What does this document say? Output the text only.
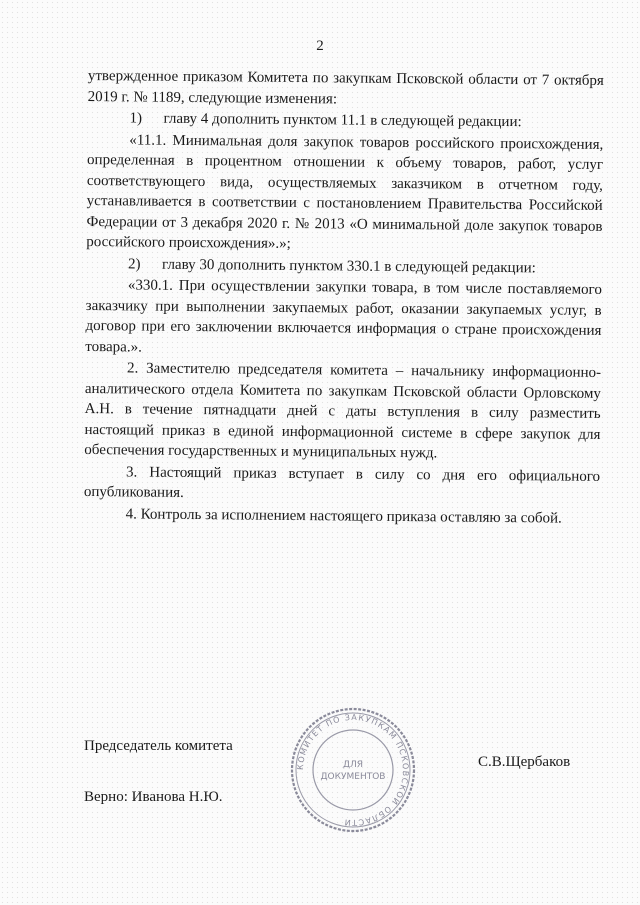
2

утвержденное приказом Комитета по закупкам Псковской области от 7 октября 2019 г. № 1189, следующие изменения:

1) главу 4 дополнить пунктом 11.1 в следующей редакции:

«11.1. Минимальная доля закупок товаров российского происхождения, определенная в процентном отношении к объему товаров, работ, услуг соответствующего вида, осуществляемых заказчиком в отчетном году, устанавливается в соответствии с постановлением Правительства Российской Федерации от 3 декабря 2020 г. № 2013 «О минимальной доле закупок товаров российского происхождения».»;

2) главу 30 дополнить пунктом 330.1 в следующей редакции:

«330.1. При осуществлении закупки товара, в том числе поставляемого заказчику при выполнении закупаемых работ, оказании закупаемых услуг, в договор при его заключении включается информация о стране происхождения товара.».

2. Заместителю председателя комитета – начальнику информационно-аналитического отдела Комитета по закупкам Псковской области Орловскому А.Н. в течение пятнадцати дней с даты вступления в силу разместить настоящий приказ в единой информационной системе в сфере закупок для обеспечения государственных и муниципальных нужд.

3. Настоящий приказ вступает в силу со дня его официального опубликования.

4. Контроль за исполнением настоящего приказа оставляю за собой.

КОМИТЕТ ПО ЗАКУПКАМ ПСКОВСКОЙ ОБЛАСТИ
ДЛЯ
ДОКУМЕНТОВ
Председатель комитета
С.В.Щербаков
Верно: Иванова Н.Ю.
